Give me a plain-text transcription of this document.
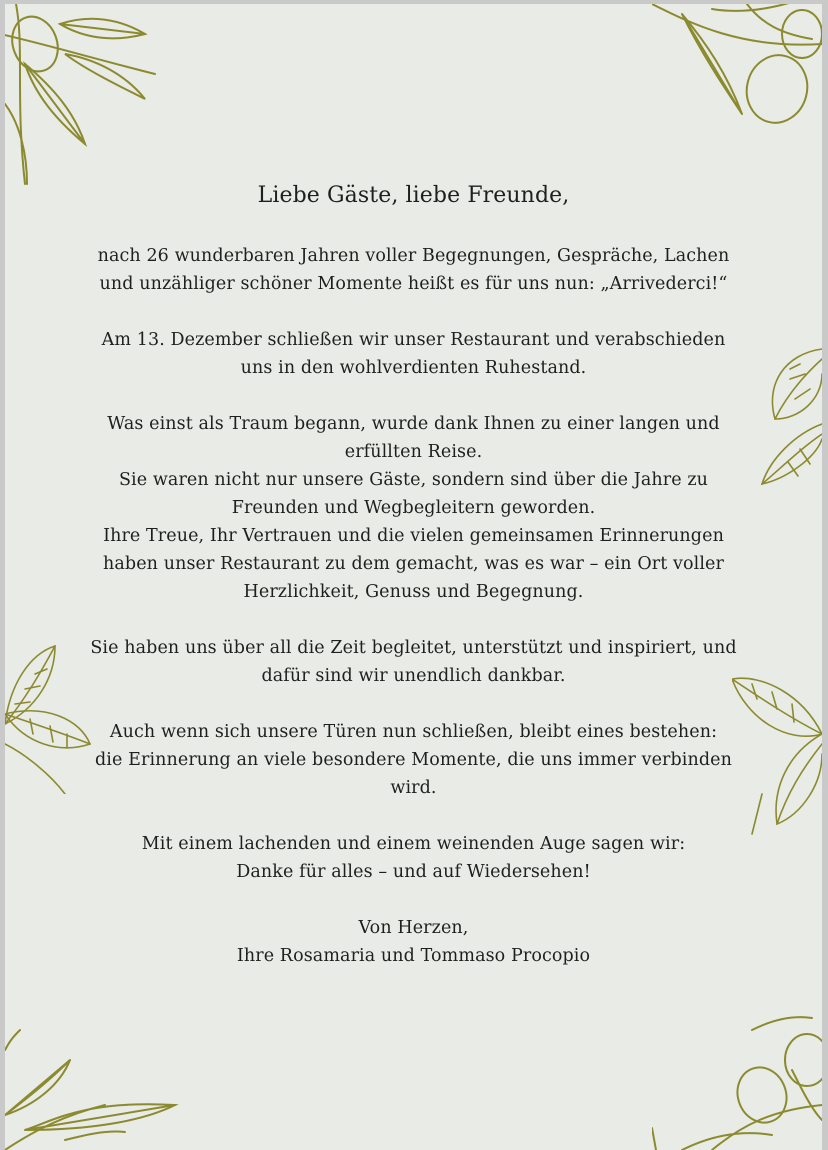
Liebe Gäste, liebe Freunde,

nach 26 wunderbaren Jahren voller Begegnungen, Gespräche, Lachen
und unzähliger schöner Momente heißt es für uns nun: „Arrivederci!“

Am 13. Dezember schließen wir unser Restaurant und verabschieden
uns in den wohlverdienten Ruhestand.

Was einst als Traum begann, wurde dank Ihnen zu einer langen und
erfüllten Reise.
Sie waren nicht nur unsere Gäste, sondern sind über die Jahre zu
Freunden und Wegbegleitern geworden.
Ihre Treue, Ihr Vertrauen und die vielen gemeinsamen Erinnerungen
haben unser Restaurant zu dem gemacht, was es war – ein Ort voller
Herzlichkeit, Genuss und Begegnung.

Sie haben uns über all die Zeit begleitet, unterstützt und inspiriert, und
dafür sind wir unendlich dankbar.

Auch wenn sich unsere Türen nun schließen, bleibt eines bestehen:
die Erinnerung an viele besondere Momente, die uns immer verbinden
wird.

Mit einem lachenden und einem weinenden Auge sagen wir:
Danke für alles – und auf Wiedersehen!

Von Herzen,
Ihre Rosamaria und Tommaso Procopio
